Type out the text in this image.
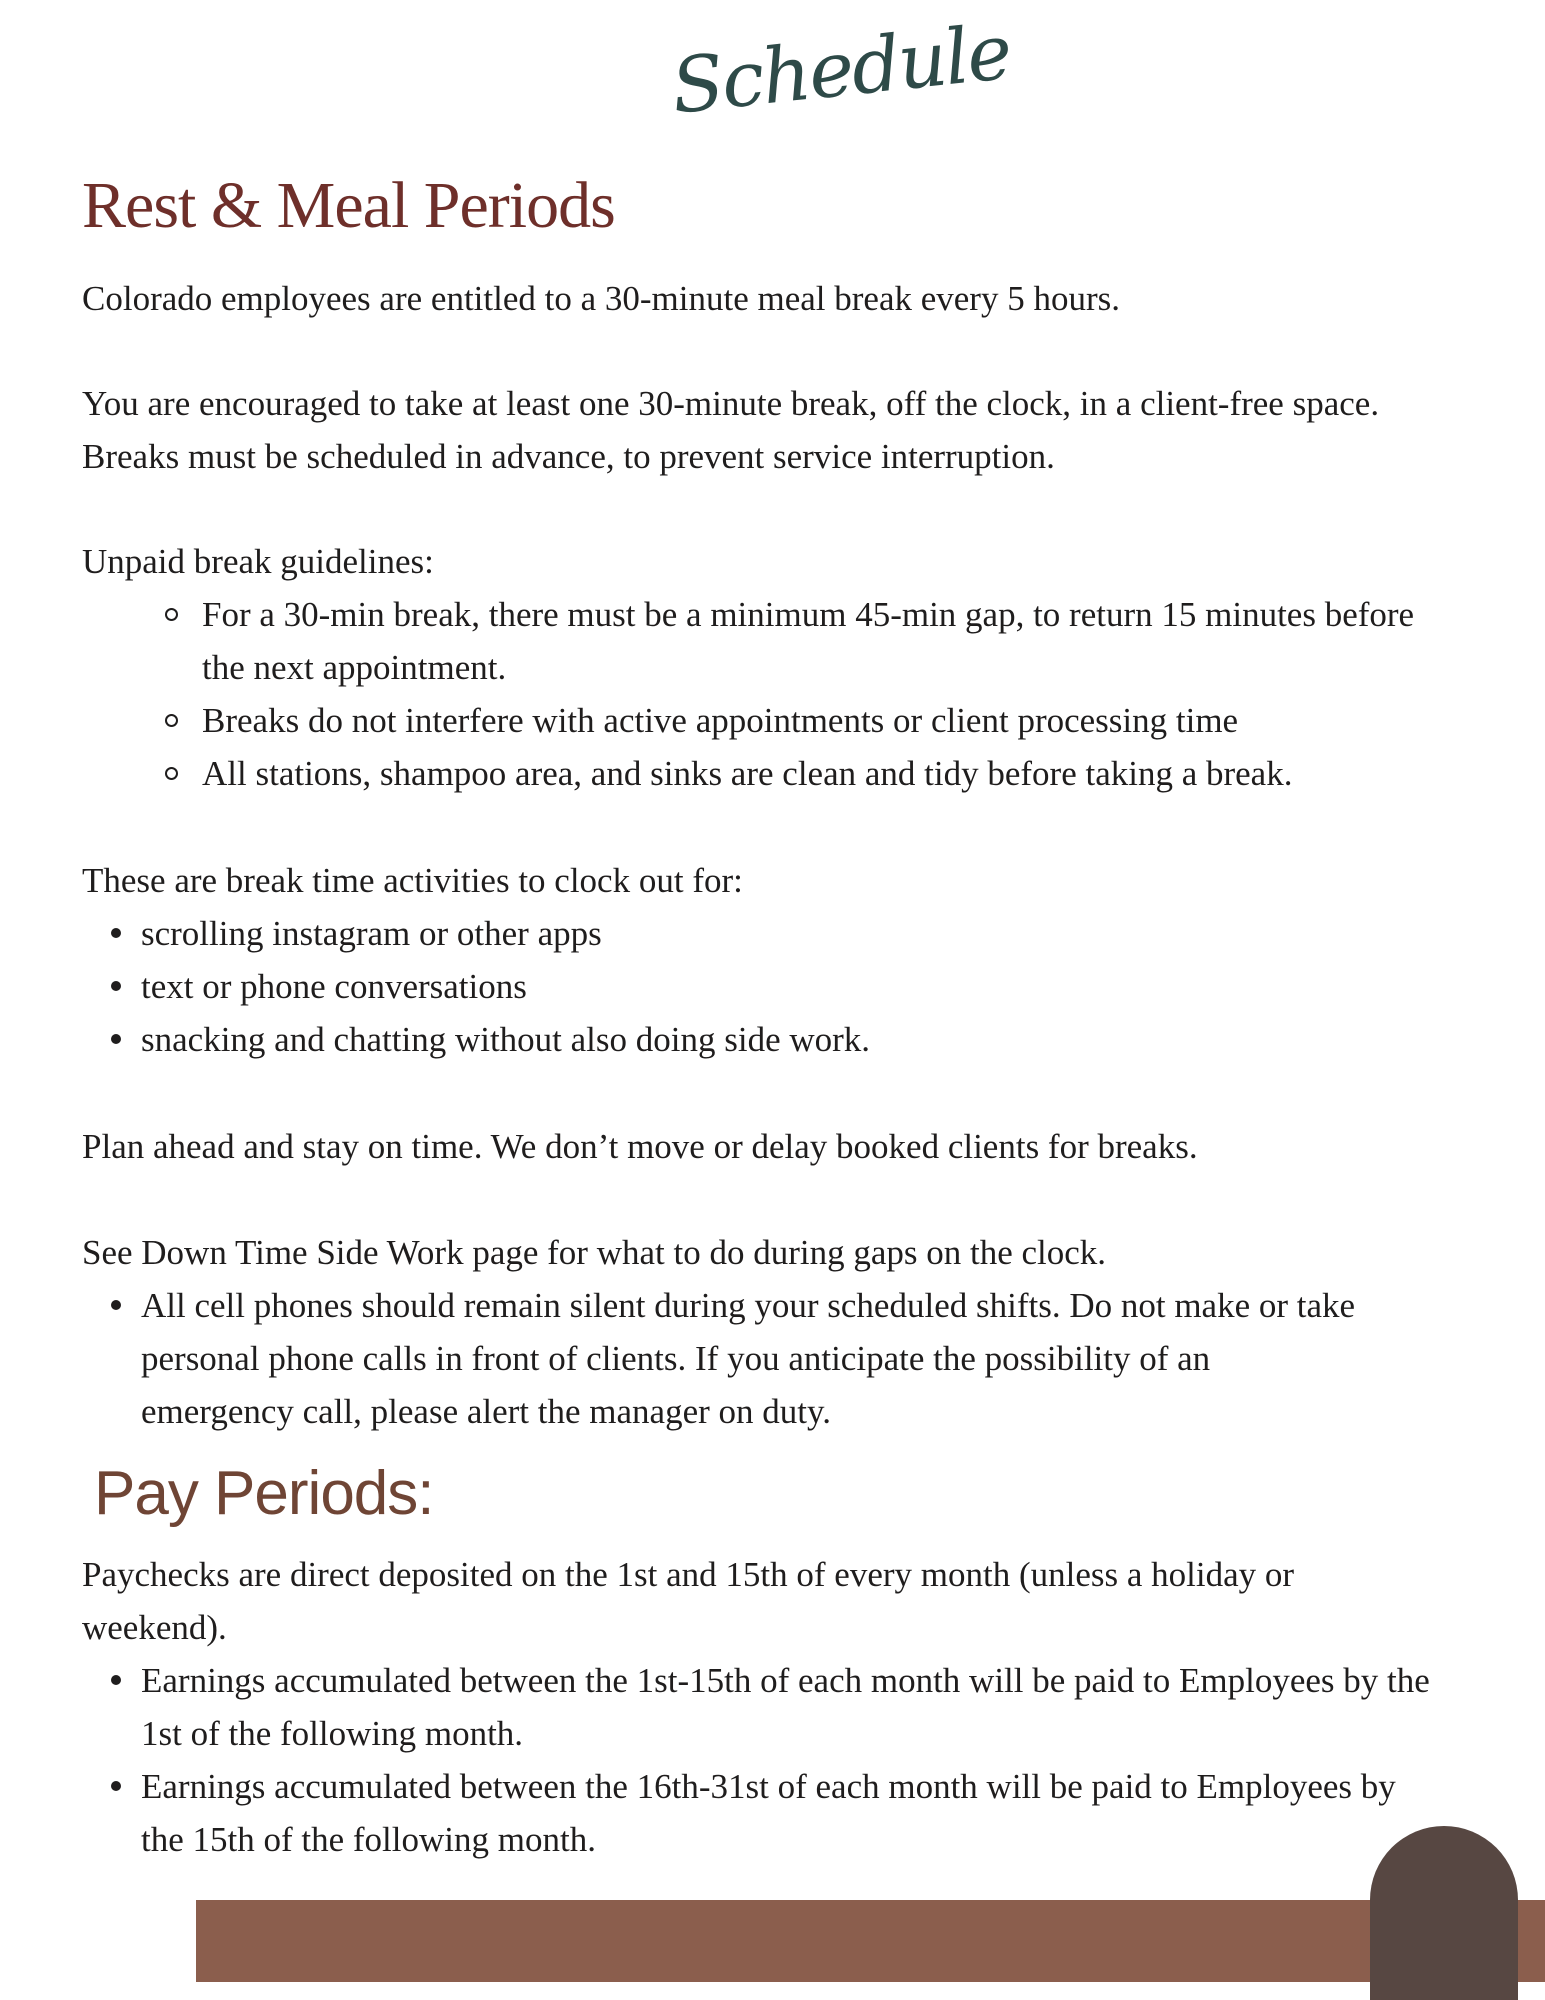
Schedule
Rest & Meal Periods

Colorado employees are entitled to a 30-minute meal break every 5 hours.

You are encouraged to take at least one 30-minute break, off the clock, in a client-free space. Breaks must be scheduled in advance, to prevent service interruption.

Unpaid break guidelines:

For a 30-min break, there must be a minimum 45-min gap, to return 15 minutes before the next appointment.
Breaks do not interfere with active appointments or client processing time
All stations, shampoo area, and sinks are clean and tidy before taking a break.

These are break time activities to clock out for:

scrolling instagram or other apps
text or phone conversations
snacking and chatting without also doing side work.

Plan ahead and stay on time. We don’t move or delay booked clients for breaks.

See Down Time Side Work page for what to do during gaps on the clock.

All cell phones should remain silent during your scheduled shifts. Do not make or take personal phone calls in front of clients. If you anticipate the possibility of an emergency call, please alert the manager on duty.
Pay Periods:

Paychecks are direct deposited on the 1st and 15th of every month (unless a holiday or weekend).

Earnings accumulated between the 1st-15th of each month will be paid to Employees by the 1st of the following month.
Earnings accumulated between the 16th-31st of each month will be paid to Employees by the 15th of the following month.
